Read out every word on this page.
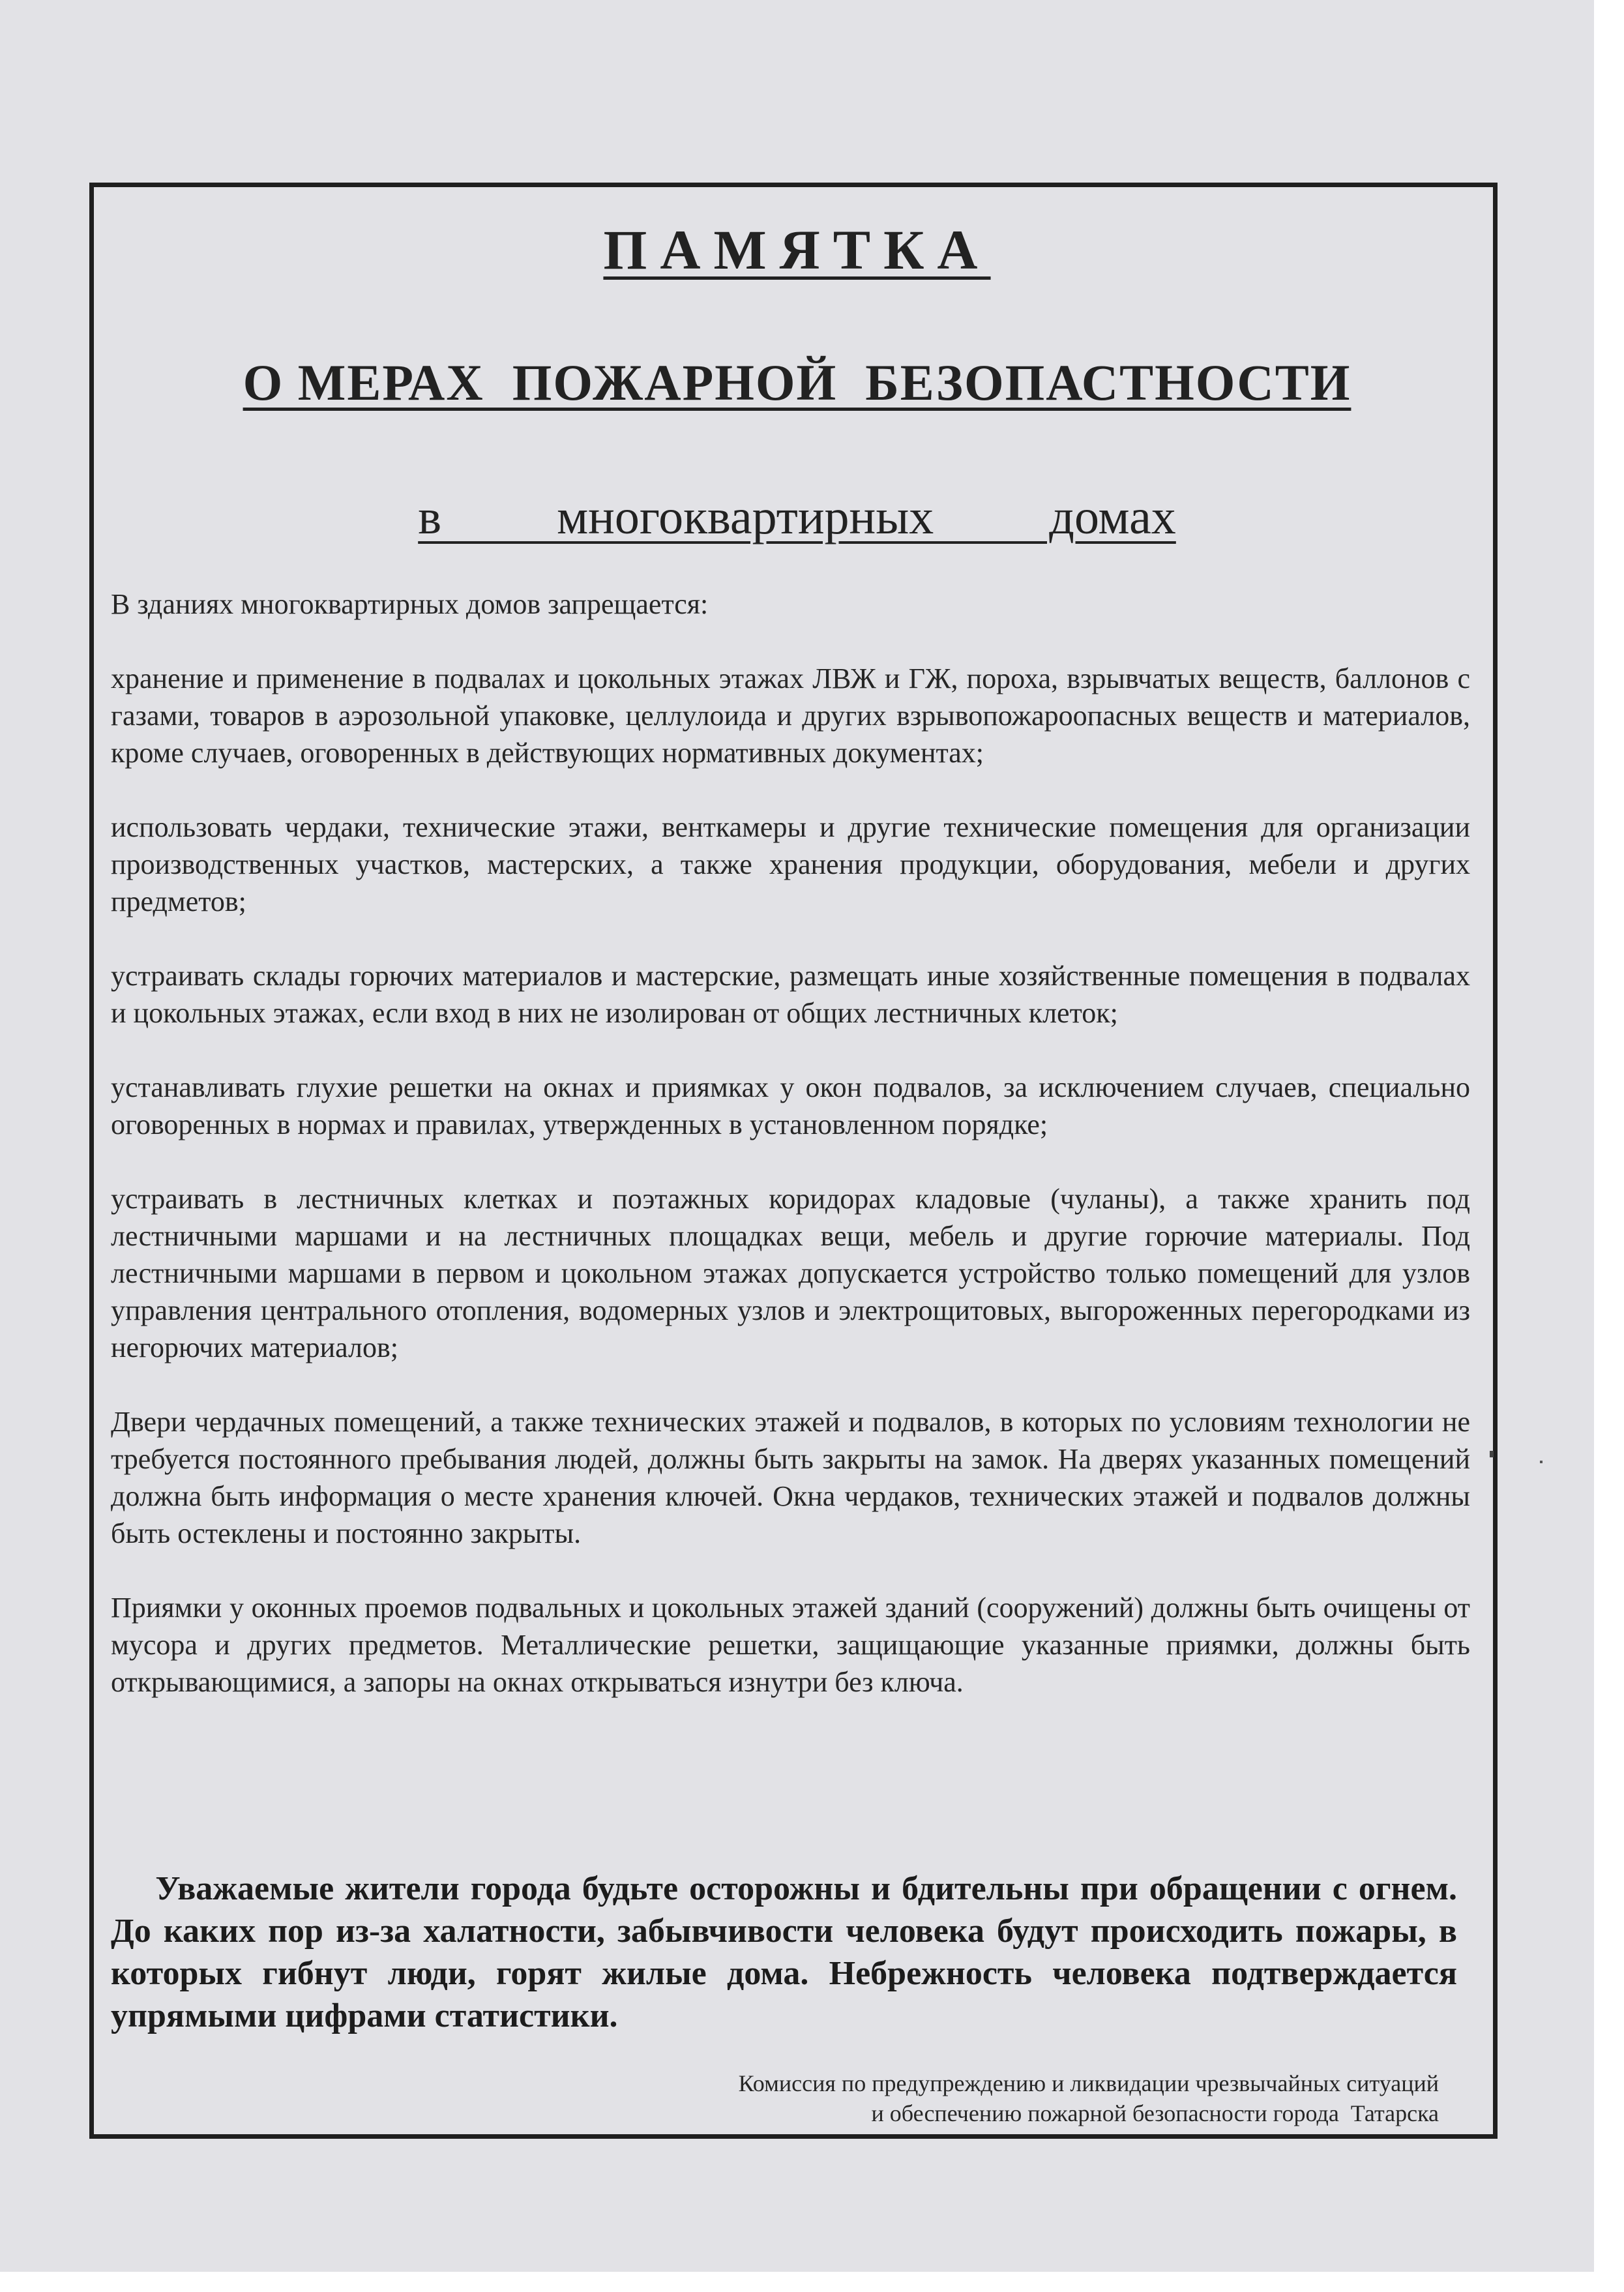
ПАМЯТКА
О МЕРАХ  ПОЖАРНОЙ  БЕЗОПАСТНОСТИ
в   многоквартирных   домах

В зданиях многоквартирных домов запрещается:

хранение и применение в подвалах и цокольных этажах ЛВЖ и ГЖ, пороха, взрывчатых веществ, баллонов с газами, товаров в аэрозольной упаковке, целлулоида и других взрывопожароопасных веществ и материалов, кроме случаев, оговоренных в действующих нормативных документах;

использовать чердаки, технические этажи, венткамеры и другие технические помещения для организации производственных участков, мастерских, а также хранения продукции, оборудования, мебели и других предметов;

устраивать склады горючих материалов и мастерские, размещать иные хозяйственные помещения в подвалах и цокольных этажах, если вход в них не изолирован от общих лестничных клеток;

устанавливать глухие решетки на окнах и приямках у окон подвалов, за исключением случаев, специально оговоренных в нормах и правилах, утвержденных в установленном порядке;

устраивать в лестничных клетках и поэтажных коридорах кладовые (чуланы), а также хранить под лестничными маршами и на лестничных площадках вещи, мебель и другие горючие материалы. Под лестничными маршами в первом и цокольном этажах допускается устройство только помещений для узлов управления центрального отопления, водомерных узлов и электрощитовых, выгороженных перегородками из негорючих материалов;

Двери чердачных помещений, а также технических этажей и подвалов, в которых по условиям технологии не требуется постоянного пребывания людей, должны быть закрыты на замок. На дверях указанных помещений должна быть информация о месте хранения ключей. Окна чердаков, технических этажей и подвалов должны быть остеклены и постоянно закрыты.

Приямки у оконных проемов подвальных и цокольных этажей зданий (сооружений) должны быть очищены от мусора и других предметов. Металлические решетки, защищающие указанные приямки, должны быть открывающимися, а запоры на окнах открываться изнутри без ключа.

Уважаемые жители города будьте осторожны и бдительны при обращении с огнем. До каких пор из-за халатности, забывчивости человека будут происходить пожары, в которых гибнут люди, горят жилые дома. Небрежность человека подтверждается упрямыми цифрами статистики.

Комиссия по предупреждению и ликвидации чрезвычайных ситуаций
и обеспечению пожарной безопасности города  Татарска
